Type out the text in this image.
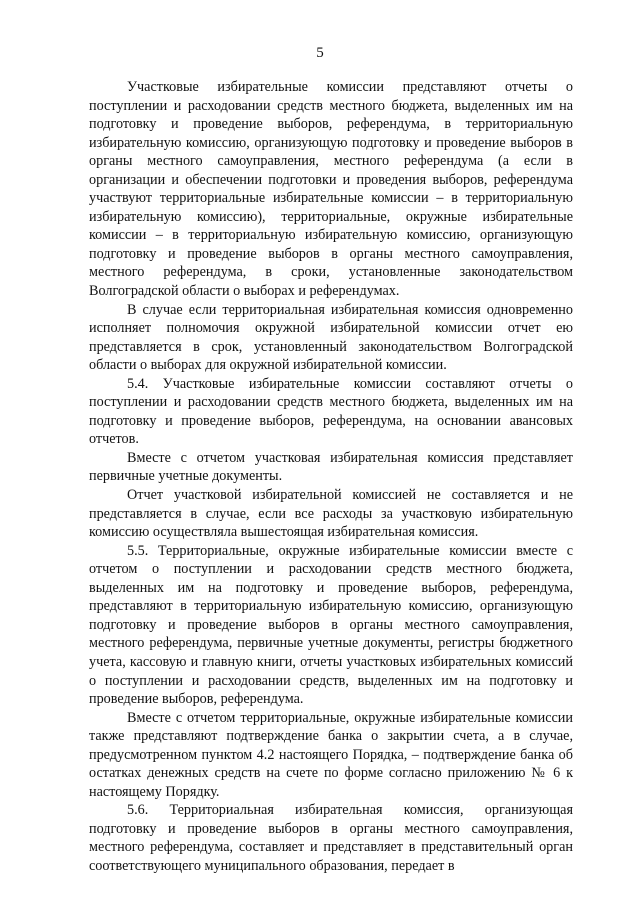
5

Участковые избирательные комиссии представляют отчеты о поступлении и расходовании средств местного бюджета, выделенных им на подготовку и проведение выборов, референдума, в территориальную избирательную комиссию, организующую подготовку и проведение выборов в органы местного самоуправления, местного референдума (а если в организации и обеспечении подготовки и проведения выборов, референдума участвуют территориальные избирательные комиссии – в территориальную избирательную комиссию), территориальные, окружные избирательные комиссии – в территориальную избирательную комиссию, организующую подготовку и проведение выборов в органы местного самоуправления, местного референдума, в сроки, установленные законодательством Волгоградской области о выборах и референдумах.

В случае если территориальная избирательная комиссия одновременно исполняет полномочия окружной избирательной комиссии отчет ею представляется в срок, установленный законодательством Волгоградской области о выборах для окружной избирательной комиссии.

5.4. Участковые избирательные комиссии составляют отчеты о поступлении и расходовании средств местного бюджета, выделенных им на подготовку и проведение выборов, референдума, на основании авансовых отчетов.

Вместе с отчетом участковая избирательная комиссия представляет первичные учетные документы.

Отчет участковой избирательной комиссией не составляется и не представляется в случае, если все расходы за участковую избирательную комиссию осуществляла вышестоящая избирательная комиссия.

5.5. Территориальные, окружные избирательные комиссии вместе с отчетом о поступлении и расходовании средств местного бюджета, выделенных им на подготовку и проведение выборов, референдума, представляют в территориальную избирательную комиссию, организующую подготовку и проведение выборов в органы местного самоуправления, местного референдума, первичные учетные документы, регистры бюджетного учета, кассовую и главную книги, отчеты участковых избирательных комиссий о поступлении и расходовании средств, выделенных им на подготовку и проведение выборов, референдума.

Вместе с отчетом территориальные, окружные избирательные комиссии также представляют подтверждение банка о закрытии счета, а в случае, предусмотренном пунктом 4.2 настоящего Порядка, – подтверждение банка об остатках денежных средств на счете по форме согласно приложению № 6 к настоящему Порядку.

5.6. Территориальная избирательная комиссия, организующая подготовку и проведение выборов в органы местного самоуправления, местного референдума, составляет и представляет в представительный орган соответствующего муниципального образования, передает в
